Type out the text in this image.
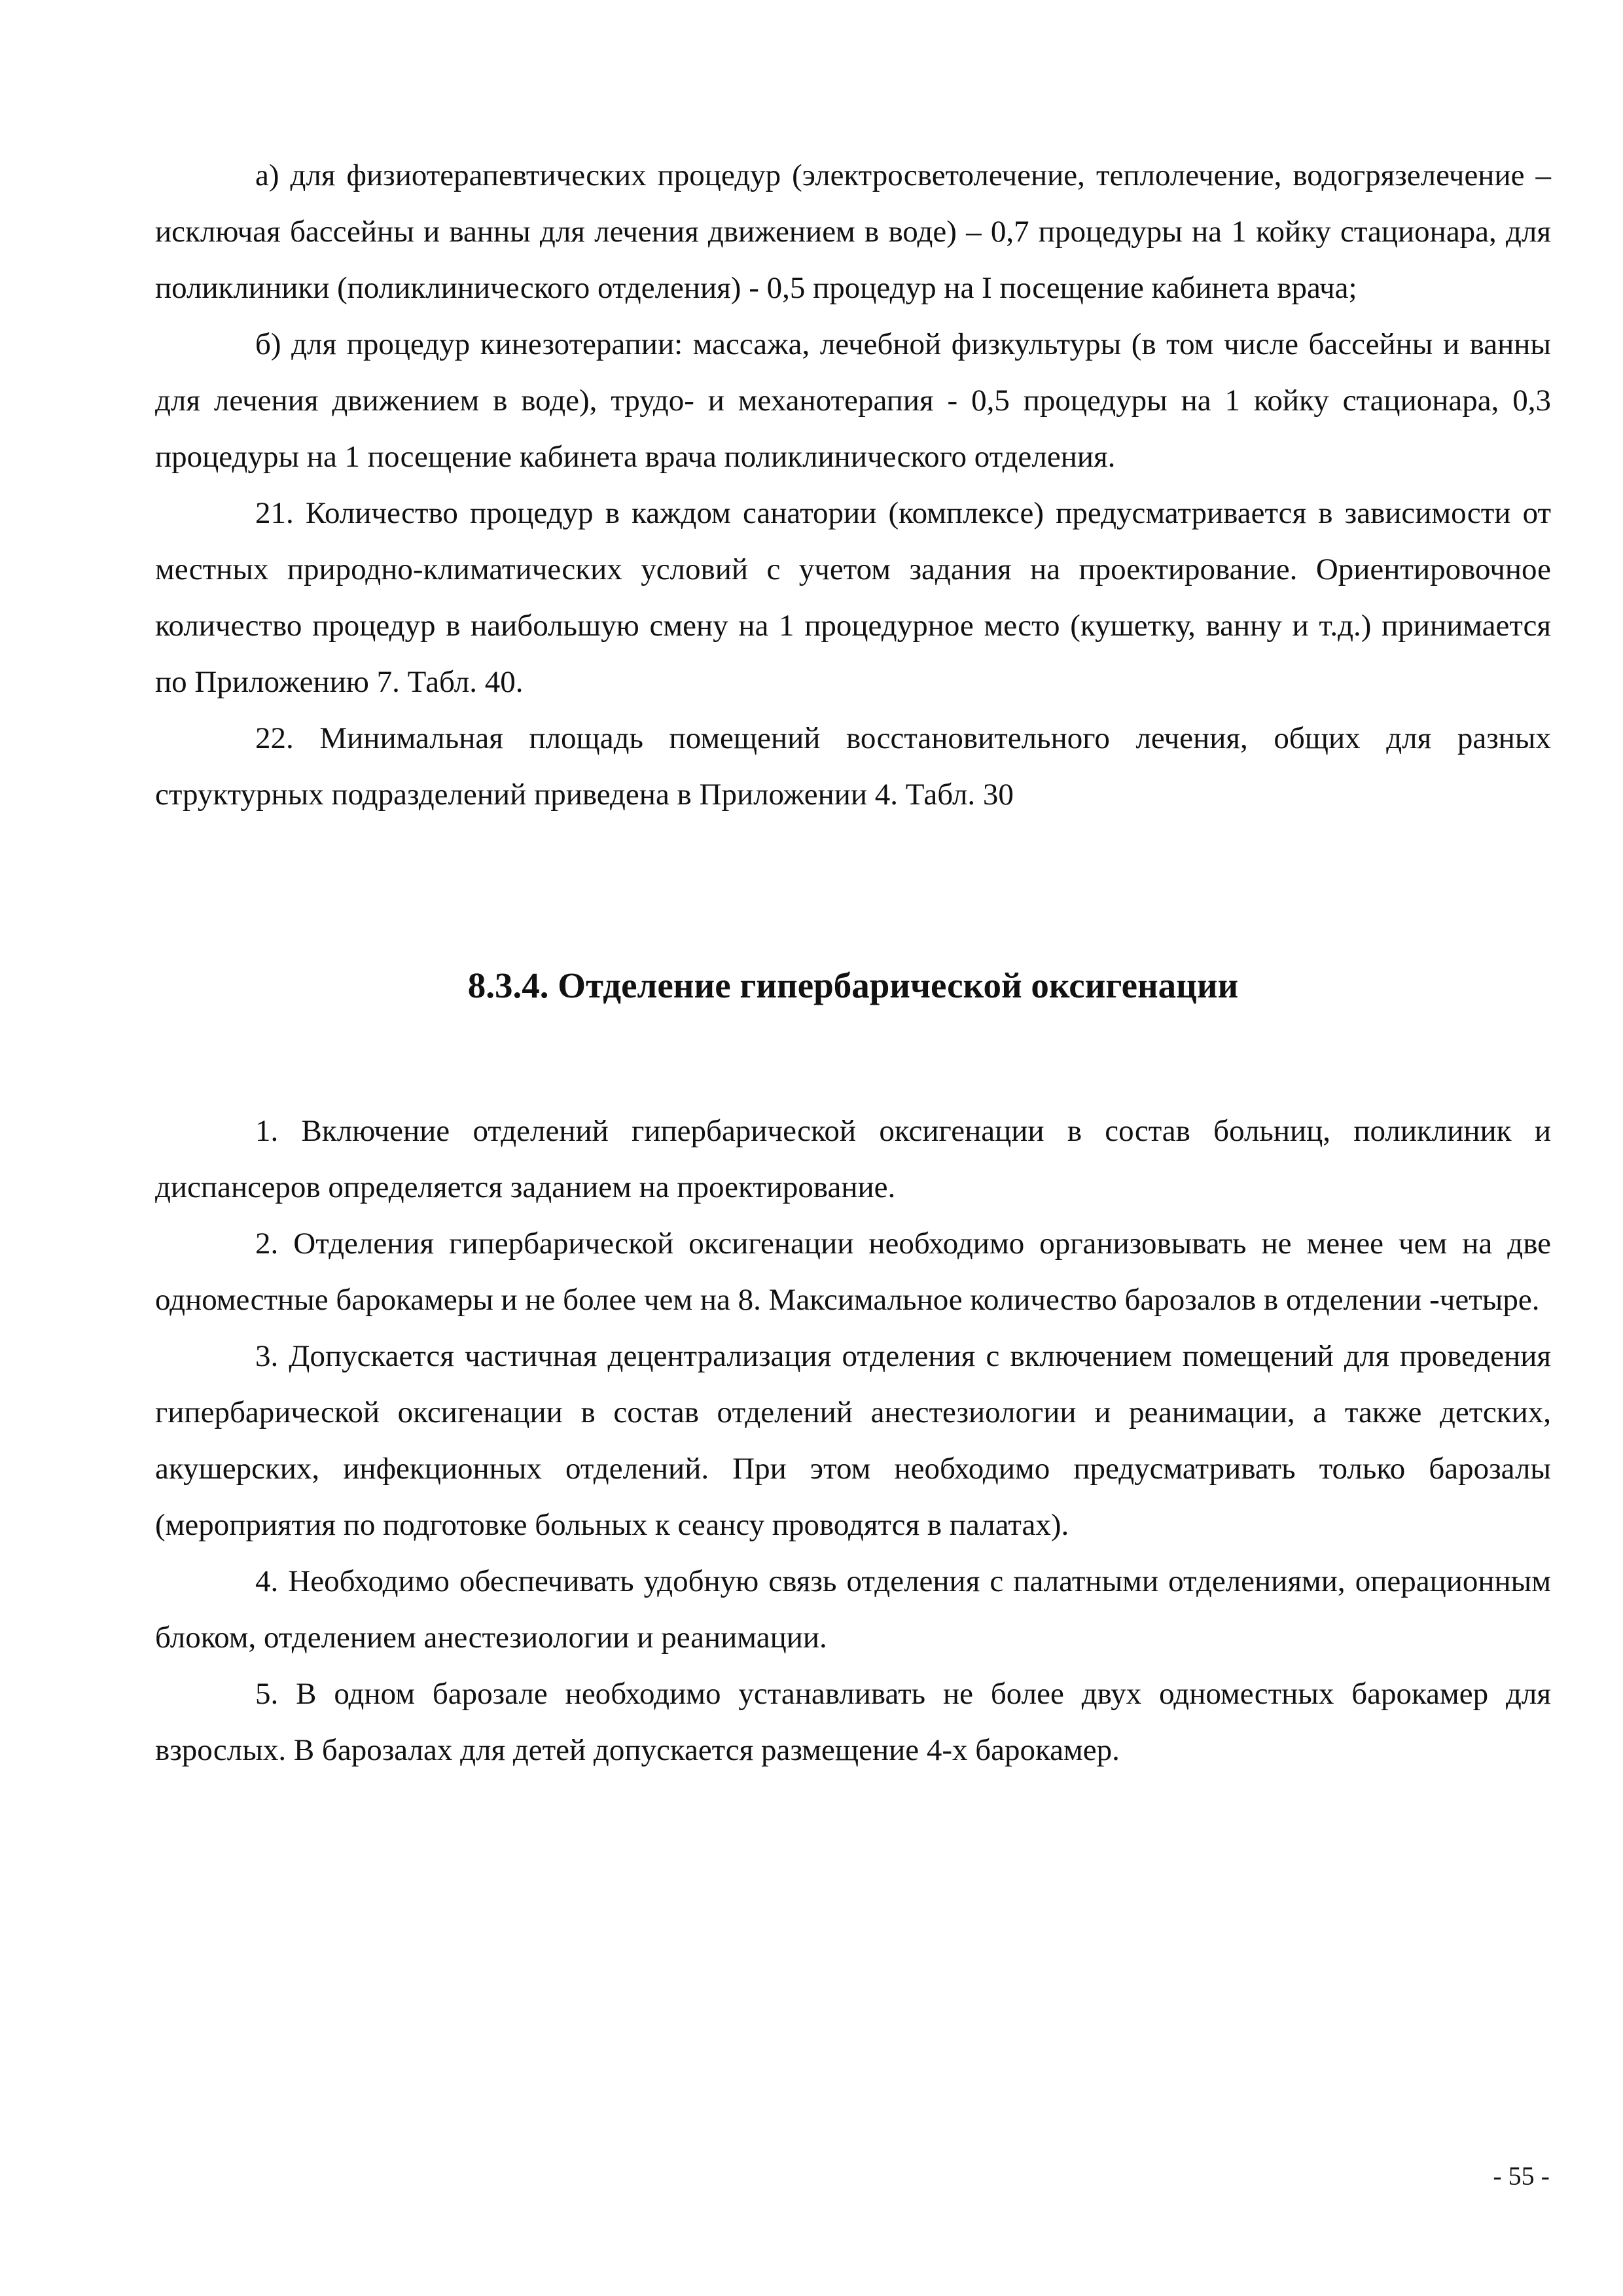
а) для физиотерапевтических процедур (электросветолечение, теплолечение, водогрязелечение –исключая бассейны и ванны для лечения движением в воде) – 0,7 процедуры на 1 койку стационара, для поликлиники (поликлинического отделения) - 0,5 процедур на I посещение кабинета врача;

б) для процедур кинезотерапии: массажа, лечебной физкультуры (в том числе бассейны и ванны для лечения движением в воде), трудо- и механотерапия - 0,5 процедуры на 1 койку стационара, 0,3 процедуры на 1 посещение кабинета врача поликлинического отделения.

21. Количество процедур в каждом санатории (комплексе) предусматривается в зависимости от местных природно-климатических условий с учетом задания на проектирование. Ориентировочное количество процедур в наибольшую смену на 1 процедурное место (кушетку, ванну и т.д.) принимается по Приложению 7. Табл. 40.

22. Минимальная площадь помещений восстановительного лечения, общих для разных структурных подразделений приведена в Приложении 4. Табл. 30

8.3.4. Отделение гипербарической оксигенации

1. Включение отделений гипербарической оксигенации в состав больниц, поликлиник и диспансеров определяется заданием на проектирование.

2. Отделения гипербарической оксигенации необходимо организовывать не менее чем на две одноместные барокамеры и не более чем на 8. Максимальное количество барозалов в отделении -четыре.

3. Допускается частичная децентрализация отделения с включением помещений для проведения гипербарической оксигенации в состав отделений анестезиологии и реанимации, а также детских, акушерских, инфекционных отделений. При этом необходимо предусматривать только барозалы (мероприятия по подготовке больных к сеансу проводятся в палатах).

4. Необходимо обеспечивать удобную связь отделения с палатными отделениями, операционным блоком, отделением анестезиологии и реанимации.

5. В одном барозале необходимо устанавливать не более двух одноместных барокамер для взрослых. В барозалах для детей допускается размещение 4-х барокамер.

- 55 -
